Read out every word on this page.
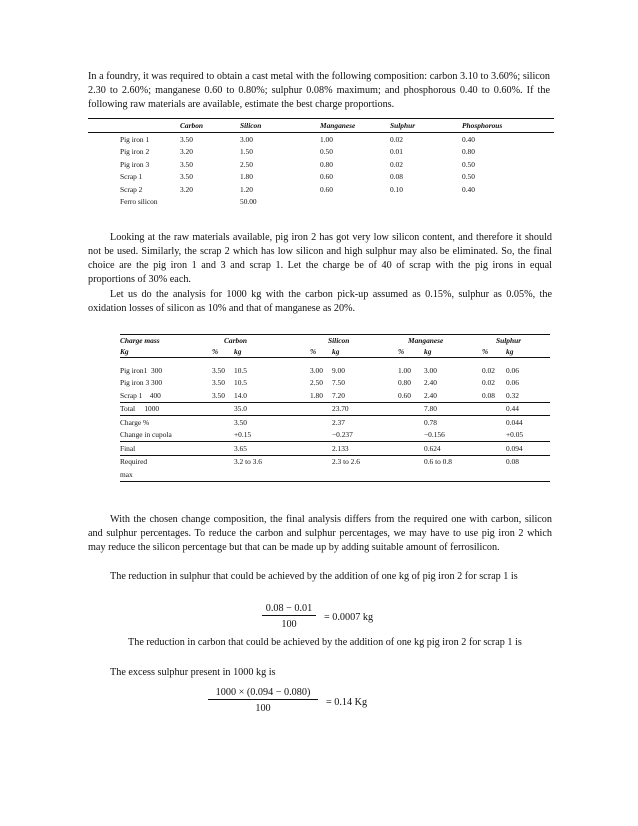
In a foundry, it was required to obtain a cast metal with the following composition: carbon 3.10 to 3.60%; silicon 2.30 to 2.60%; manganese 0.60 to 0.80%; sulphur 0.08% maximum; and phosphorous 0.40 to 0.60%. If the following raw materials are available, estimate the best charge proportions.

	Carbon	Silicon	Manganese	Sulphur	Phosphorous
Pig iron 1	3.50	3.00	1.00	0.02	0.40
Pig iron 2	3.20	1.50	0.50	0.01	0.80
Pig iron 3	3.50	2.50	0.80	0.02	0.50
Scrap 1	3.50	1.80	0.60	0.08	0.50
Scrap 2	3.20	1.20	0.60	0.10	0.40
Ferro silicon		50.00			

Looking at the raw materials available, pig iron 2 has got very low silicon content, and therefore it should not be used. Similarly, the scrap 2 which has low silicon and high sulphur may also be eliminated. So, the final choice are the pig iron 1 and 3 and scrap 1. Let the charge be of 40 of scrap with the pig irons in equal proportions of 30% each.

Let us do the analysis for 1000 kg with the carbon pick-up assumed as 0.15%, sulphur as 0.05%, the oxidation losses of silicon as 10% and that of manganese as 20%.

Charge mass	Carbon		Silicon		Manganese		Sulphur	
Kg	%	kg	%	kg	%	kg	%	kg

Pig iron1  300	3.50	10.5	3.00	9.00	1.00	3.00	0.02	0.06
Pig iron 3 300	3.50	10.5	2.50	7.50	0.80	2.40	0.02	0.06
Scrap 1    400	3.50	14.0	1.80	7.20	0.60	2.40	0.08	0.32
Total 1000		35.0		23.70		7.80		0.44
Charge %		3.50		2.37		0.78		0.044
Change in cupola		+0.15		−0.237		−0.156		+0.05
Final		3.65		2.133		0.624		0.094
Required		3.2 to 3.6		2.3 to 2.6		0.6 to 0.8		0.08
max								

With the chosen change composition, the final analysis differs from the required one with carbon, silicon and sulphur percentages. To reduce the carbon and sulphur percentages, we may have to use pig iron 2 which may reduce the silicon percentage but that can be made up by adding suitable amount of ferrosilicon.

The reduction in sulphur that could be achieved by the addition of one kg of pig iron 2 for scrap 1 is

$\frac{0.08 - 0.01}{100} = 0.0007$ kg

The reduction in carbon that could be achieved by the addition of one kg pig iron 2 for scrap 1 is

The excess sulphur present in 1000 kg is

$\frac{1000 \times (0.094 - 0.080)}{100} = 0.14$ Kg
